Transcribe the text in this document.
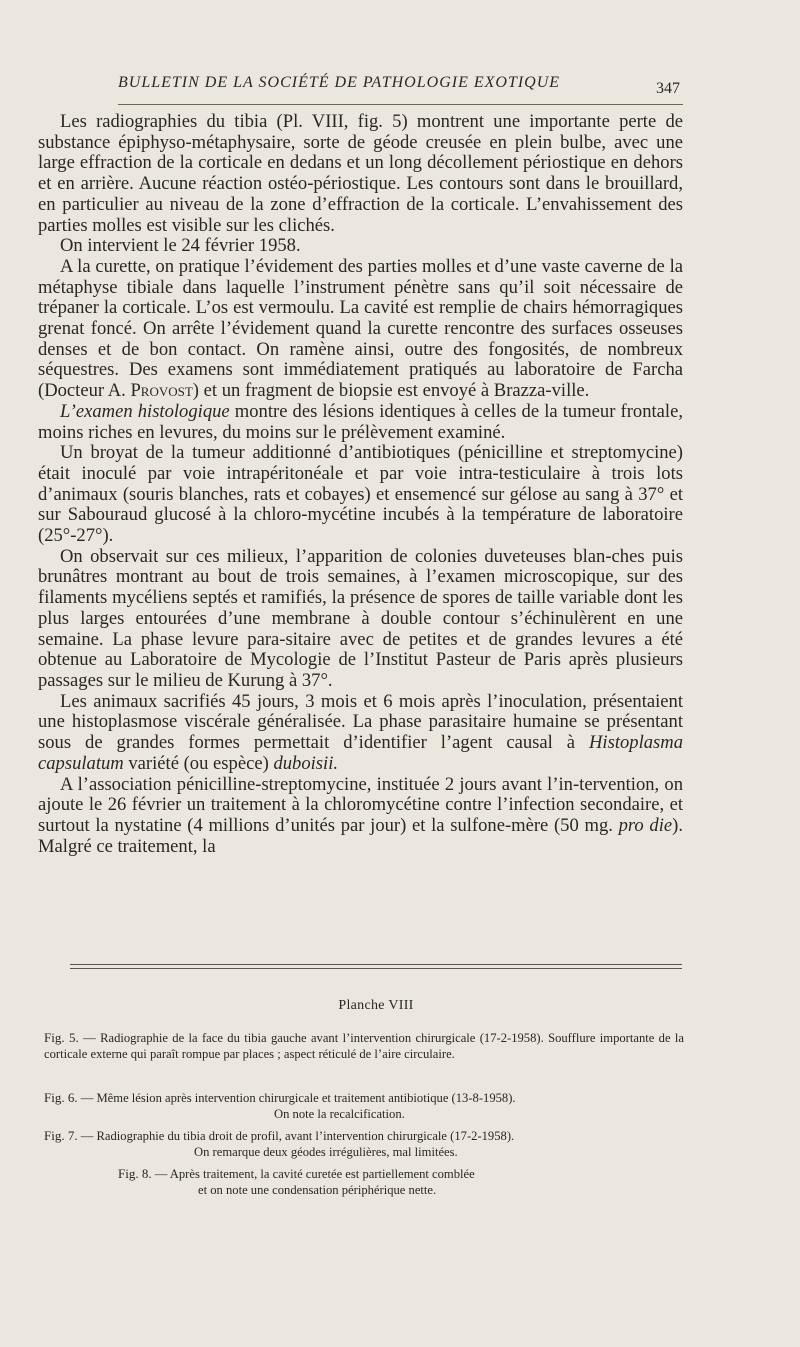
BULLETIN DE LA SOCIÉTÉ DE PATHOLOGIE EXOTIQUE	347

Les radiographies du tibia (Pl. VIII, fig. 5) montrent une importante perte de substance épiphyso-métaphysaire, sorte de géode creusée en plein bulbe, avec une large effraction de la corticale en dedans et un long décollement périostique en dehors et en arrière. Aucune réaction ostéo-périostique. Les contours sont dans le brouillard, en particulier au niveau de la zone d’effraction de la corticale. L’envahissement des parties molles est visible sur les clichés.

On intervient le 24 février 1958.

A la curette, on pratique l’évidement des parties molles et d’une vaste caverne de la métaphyse tibiale dans laquelle l’instrument pénètre sans qu’il soit nécessaire de trépaner la corticale. L’os est vermoulu. La cavité est remplie de chairs hémorragiques grenat foncé. On arrête l’évidement quand la curette rencontre des surfaces osseuses denses et de bon contact. On ramène ainsi, outre des fongosités, de nombreux séquestres. Des examens sont immédiatement pratiqués au laboratoire de Farcha (Docteur A. Provost) et un fragment de biopsie est envoyé à Brazza-ville.

L’examen histologique montre des lésions identiques à celles de la tumeur frontale, moins riches en levures, du moins sur le prélèvement examiné.

Un broyat de la tumeur additionné d’antibiotiques (pénicilline et streptomycine) était inoculé par voie intrapéritonéale et par voie intra-testiculaire à trois lots d’animaux (souris blanches, rats et cobayes) et ensemencé sur gélose au sang à 37° et sur Sabouraud glucosé à la chloro-mycétine incubés à la température de laboratoire (25°-27°).

On observait sur ces milieux, l’apparition de colonies duveteuses blan-ches puis brunâtres montrant au bout de trois semaines, à l’examen microscopique, sur des filaments mycéliens septés et ramifiés, la présence de spores de taille variable dont les plus larges entourées d’une membrane à double contour s’échinulèrent en une semaine. La phase levure para-sitaire avec de petites et de grandes levures a été obtenue au Laboratoire de Mycologie de l’Institut Pasteur de Paris après plusieurs passages sur le milieu de Kurung à 37°.

Les animaux sacrifiés 45 jours, 3 mois et 6 mois après l’inoculation, présentaient une histoplasmose viscérale généralisée. La phase parasitaire humaine se présentant sous de grandes formes permettait d’identifier l’agent causal à Histoplasma capsulatum variété (ou espèce) duboisii.

A l’association pénicilline-streptomycine, instituée 2 jours avant l’in-tervention, on ajoute le 26 février un traitement à la chloromycétine contre l’infection secondaire, et surtout la nystatine (4 millions d’unités par jour) et la sulfone-mère (50 mg. pro die). Malgré ce traitement, la

Planche VIII
Fig. 5. — Radiographie de la face du tibia gauche avant l’intervention chirurgicale (17-2-1958). Soufflure importante de la corticale externe qui paraît rompue par places ; aspect réticulé de l’aire circulaire.
Fig. 6. — Même lésion après intervention chirurgicale et traitement antibiotique (13-8-1958).
On note la recalcification.
Fig. 7. — Radiographie du tibia droit de profil, avant l’intervention chirurgicale (17-2-1958).
On remarque deux géodes irrégulières, mal limitées.
Fig. 8. — Après traitement, la cavité curetée est partiellement comblée
et on note une condensation périphérique nette.
